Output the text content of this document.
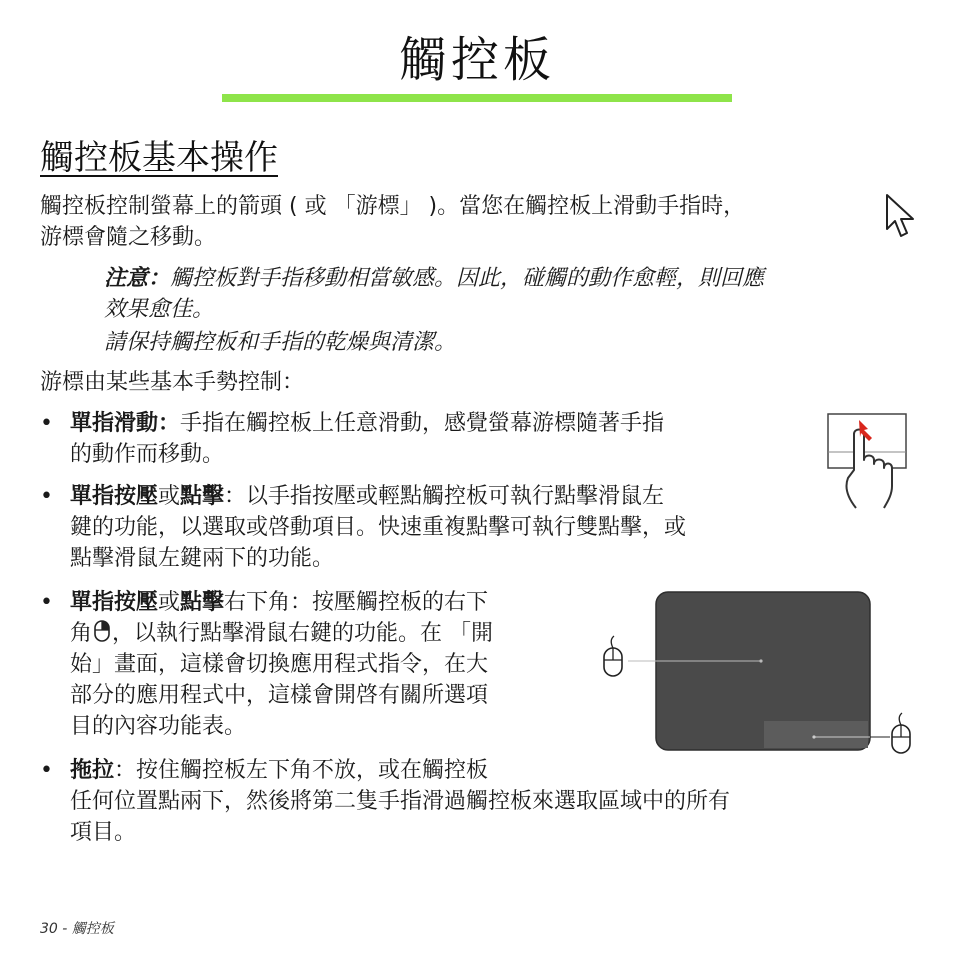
觸控板
觸控板基本操作
觸控板控制螢幕上的箭頭 ( 或 「游標」 )。當您在觸控板上滑動手指時，
游標會隨之移動。
注意：觸控板對手指移動相當敏感。因此，碰觸的動作愈輕，則回應
效果愈佳。
請保持觸控板和手指的乾燥與清潔。
游標由某些基本手勢控制：
• 單指滑動：手指在觸控板上任意滑動，感覺螢幕游標隨著手指
的動作而移動。
• 單指按壓或點擊：以手指按壓或輕點觸控板可執行點擊滑鼠左
鍵的功能，以選取或啓動項目。快速重複點擊可執行雙點擊，或
點擊滑鼠左鍵兩下的功能。
• 單指按壓或點擊右下角：按壓觸控板的右下
角 ，以執行點擊滑鼠右鍵的功能。在 「開
始」畫面，這樣會切換應用程式指令，在大
部分的應用程式中，這樣會開啓有關所選項
目的內容功能表。
• 拖拉：按住觸控板左下角不放，或在觸控板
任何位置點兩下，然後將第二隻手指滑過觸控板來選取區域中的所有
項目。
30 - 觸控板
